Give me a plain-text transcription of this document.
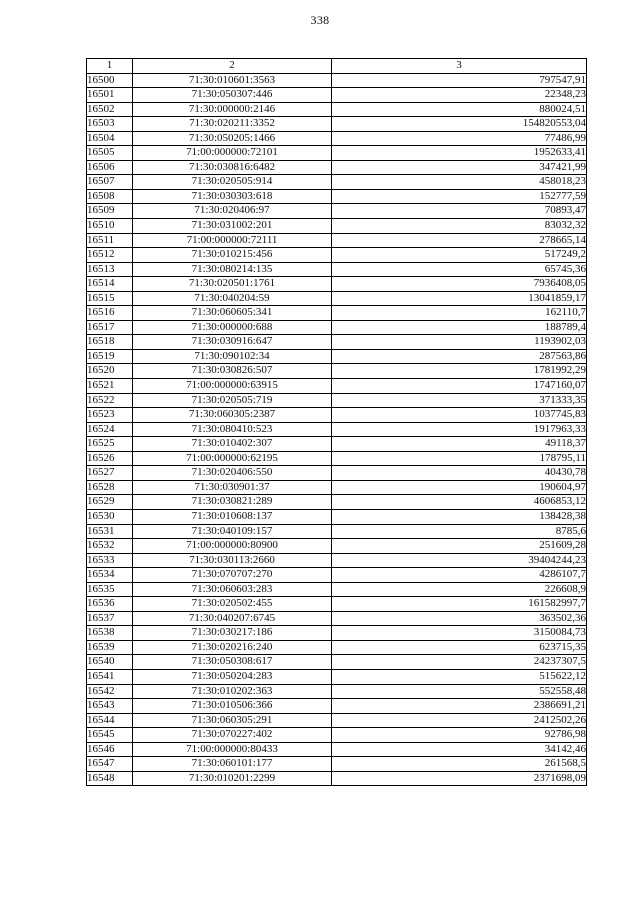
338
1	2	3
16500	71:30:010601:3563	797547,91
16501	71:30:050307:446	22348,23
16502	71:30:000000:2146	880024,51
16503	71:30:020211:3352	154820553,04
16504	71:30:050205:1466	77486,99
16505	71:00:000000:72101	1952633,41
16506	71:30:030816:6482	347421,99
16507	71:30:020505:914	458018,23
16508	71:30:030303:618	152777,59
16509	71:30:020406:97	70893,47
16510	71:30:031002:201	83032,32
16511	71:00:000000:72111	278665,14
16512	71:30:010215:456	517249,2
16513	71:30:080214:135	65745,36
16514	71:30:020501:1761	7936408,05
16515	71:30:040204:59	13041859,17
16516	71:30:060605:341	162110,7
16517	71:30:000000:688	188789,4
16518	71:30:030916:647	1193902,03
16519	71:30:090102:34	287563,86
16520	71:30:030826:507	1781992,29
16521	71:00:000000:63915	1747160,07
16522	71:30:020505:719	371333,35
16523	71:30:060305:2387	1037745,83
16524	71:30:080410:523	1917963,33
16525	71:30:010402:307	49118,37
16526	71:00:000000:62195	178795,11
16527	71:30:020406:550	40430,78
16528	71:30:030901:37	190604,97
16529	71:30:030821:289	4606853,12
16530	71:30:010608:137	138428,38
16531	71:30:040109:157	8785,6
16532	71:00:000000:80900	251609,28
16533	71:30:030113:2660	39404244,23
16534	71:30:070707:270	4286107,7
16535	71:30:060603:283	226608,9
16536	71:30:020502:455	161582997,7
16537	71:30:040207:6745	363502,36
16538	71:30:030217:186	3150084,73
16539	71:30:020216:240	623715,35
16540	71:30:050308:617	24237307,5
16541	71:30:050204:283	515622,12
16542	71:30:010202:363	552558,48
16543	71:30:010506:366	2386691,21
16544	71:30:060305:291	2412502,26
16545	71:30:070227:402	92786,98
16546	71:00:000000:80433	34142,46
16547	71:30:060101:177	261568,5
16548	71:30:010201:2299	2371698,09
